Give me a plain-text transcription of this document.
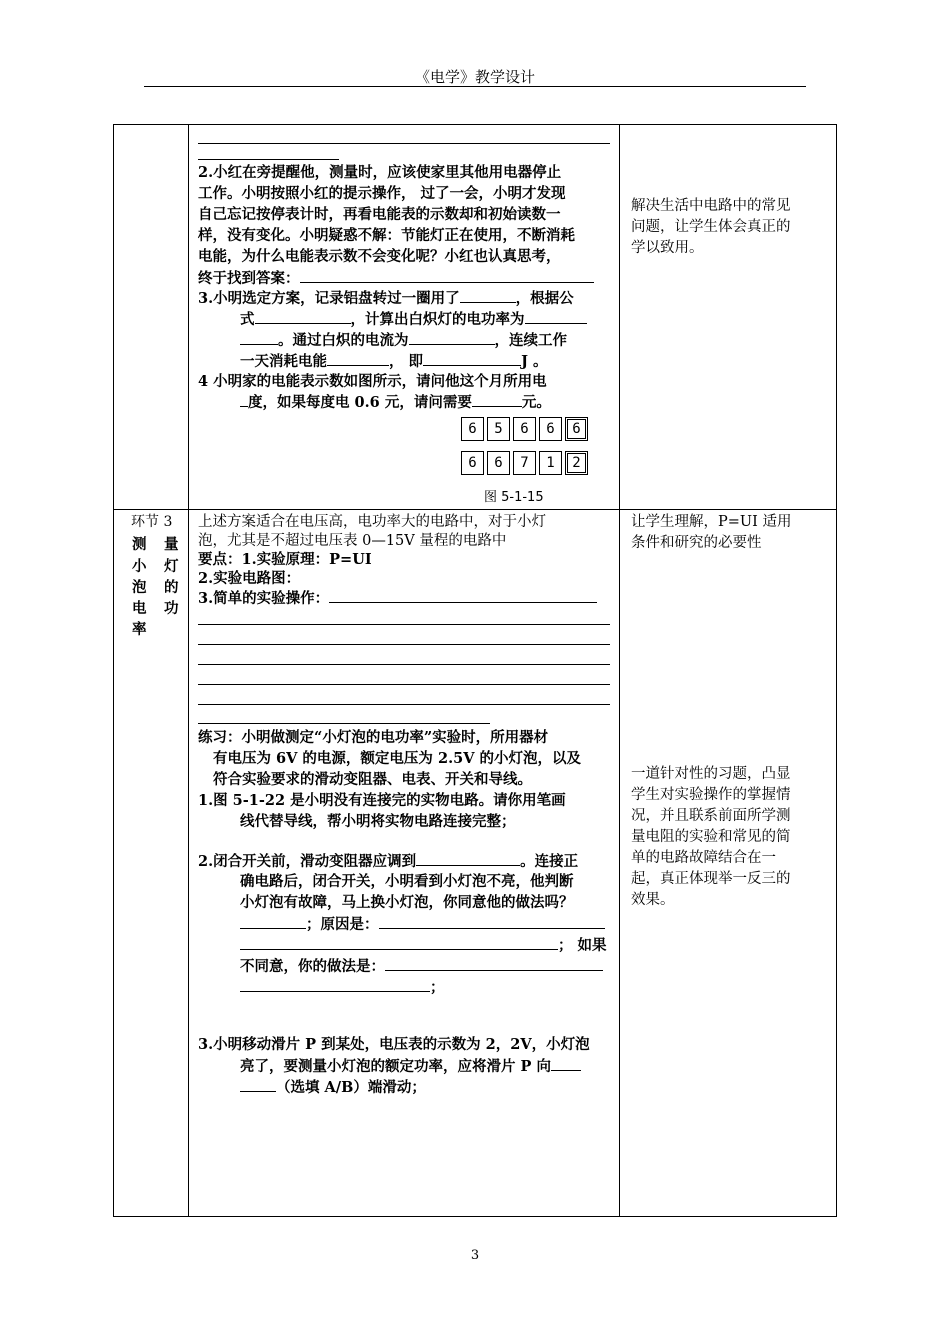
《电学》教学设计
2.小红在旁提醒他，测量时，应该使家里其他用电器停止
工作。小明按照小红的提示操作， 过了一会，小明才发现
自己忘记按停表计时，再看电能表的示数却和初始读数一
样，没有变化。小明疑惑不解：节能灯正在使用，不断消耗
电能，为什么电能表示数不会变化呢？小红也认真思考，
终于找到答案：
3.小明选定方案，记录铝盘转过一圈用了	，根据公
式	，计算出白炽灯的电功率为
。通过白炽的电流为	，连续工作
一天消耗电能	， 即	J 。
4 小明家的电能表示数如图所示，请问他这个月所用电
度，如果每度电 0.6 元，请问需要	元。
6	5	6	6	6
6	6	7	1	2
图 5-1-15
解决生活中电路中的常见问题，让学生体会真正的学以致用。
环节 3
测 量
小 灯
泡 的
电 功
率
上述方案适合在电压高，电功率大的电路中，对于小灯
泡，尤其是不超过电压表 0—15V 量程的电路中
要点：1.实验原理：P=UI
2.实验电路图：
3.简单的实验操作：
练习：小明做测定“小灯泡的电功率”实验时，所用器材
有电压为 6V 的电源，额定电压为 2.5V 的小灯泡，以及
符合实验要求的滑动变阻器、电表、开关和导线。
1.图 5-1-22 是小明没有连接完的实物电路。请你用笔画
线代替导线，帮小明将实物电路连接完整；
2.闭合开关前，滑动变阻器应调到	。连接正
确电路后，闭合开关，小明看到小灯泡不亮，他判断
小灯泡有故障，马上换小灯泡，你同意他的做法吗？
；原因是：
； 如果
不同意，你的做法是：
；
3.小明移动滑片 P 到某处，电压表的示数为 2，2V，小灯泡
亮了，要测量小灯泡的额定功率，应将滑片 P 向
（选填 A/B）端滑动；
让学生理解，P=UI 适用条件和研究的必要性
一道针对性的习题，凸显学生对实验操作的掌握情况，并且联系前面所学测量电阻的实验和常见的简单的电路故障结合在一起，真正体现举一反三的效果。
3
